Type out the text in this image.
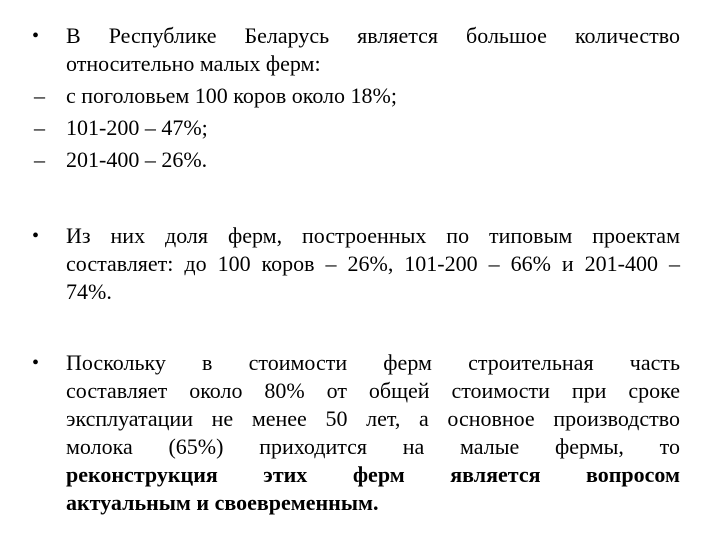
• В Республике Беларусь является большое количество
относительно малых ферм:
– с поголовьем 100 коров около 18%;
– 101-200 – 47%;
– 201-400 – 26%.
• Из них доля ферм, построенных по типовым проектам
составляет: до 100 коров – 26%, 101-200 – 66% и 201-400 –
74%.
• Поскольку в стоимости ферм строительная часть
составляет около 80% от общей стоимости при сроке
эксплуатации не менее 50 лет, а основное производство
молока (65%) приходится на малые фермы, то
реконструкция этих ферм является вопросом
актуальным и своевременным.
